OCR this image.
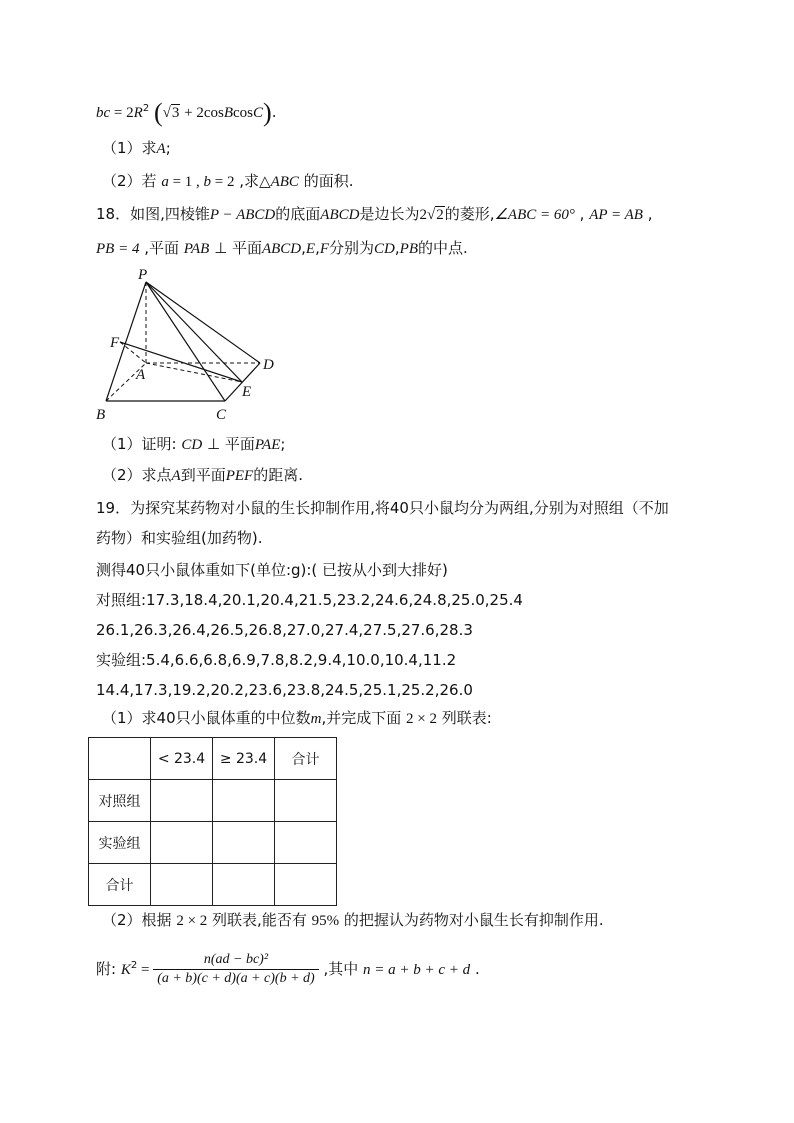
bc = $2R^2$ (√3 + 2cosBcosC).
（1）求A;
（2）若 a = 1 , b = 2 ,求△ABC 的面积.
18．如图,四棱锥P − ABCD的底面ABCD是边长为2√2的菱形,∠ABC = 60° , AP = AB ,
PB = 4 ,平面 PAB ⊥ 平面ABCD,E,F分别为CD,PB的中点.
P
F
A
D
E
B	C
（1）证明: CD ⊥ 平面PAE;
（2）求点A到平面PEF的距离.
19．为探究某药物对小鼠的生长抑制作用,将40只小鼠均分为两组,分别为对照组（不加
药物）和实验组(加药物).
测得40只小鼠体重如下(单位:g):( 已按从小到大排好)
对照组:17.3,18.4,20.1,20.4,21.5,23.2,24.6,24.8,25.0,25.4
26.1,26.3,26.4,26.5,26.8,27.0,27.4,27.5,27.6,28.3
实验组:5.4,6.6,6.8,6.9,7.8,8.2,9.4,10.0,10.4,11.2
14.4,17.3,19.2,20.2,23.6,23.8,24.5,25.1,25.2,26.0
（1）求40只小鼠体重的中位数m,并完成下面 2 × 2 列联表:
	< 23.4	≥ 23.4	合计
对照组			
实验组			
合计			
（2）根据 2 × 2 列联表,能否有 95% 的把握认为药物对小鼠生长有抑制作用.
附: $K^2 = \frac{\text{n(ad − bc)²}}{(a + b)(c + d)(a + c)(b + d)}$ ,其中 n = a + b + c + d .
